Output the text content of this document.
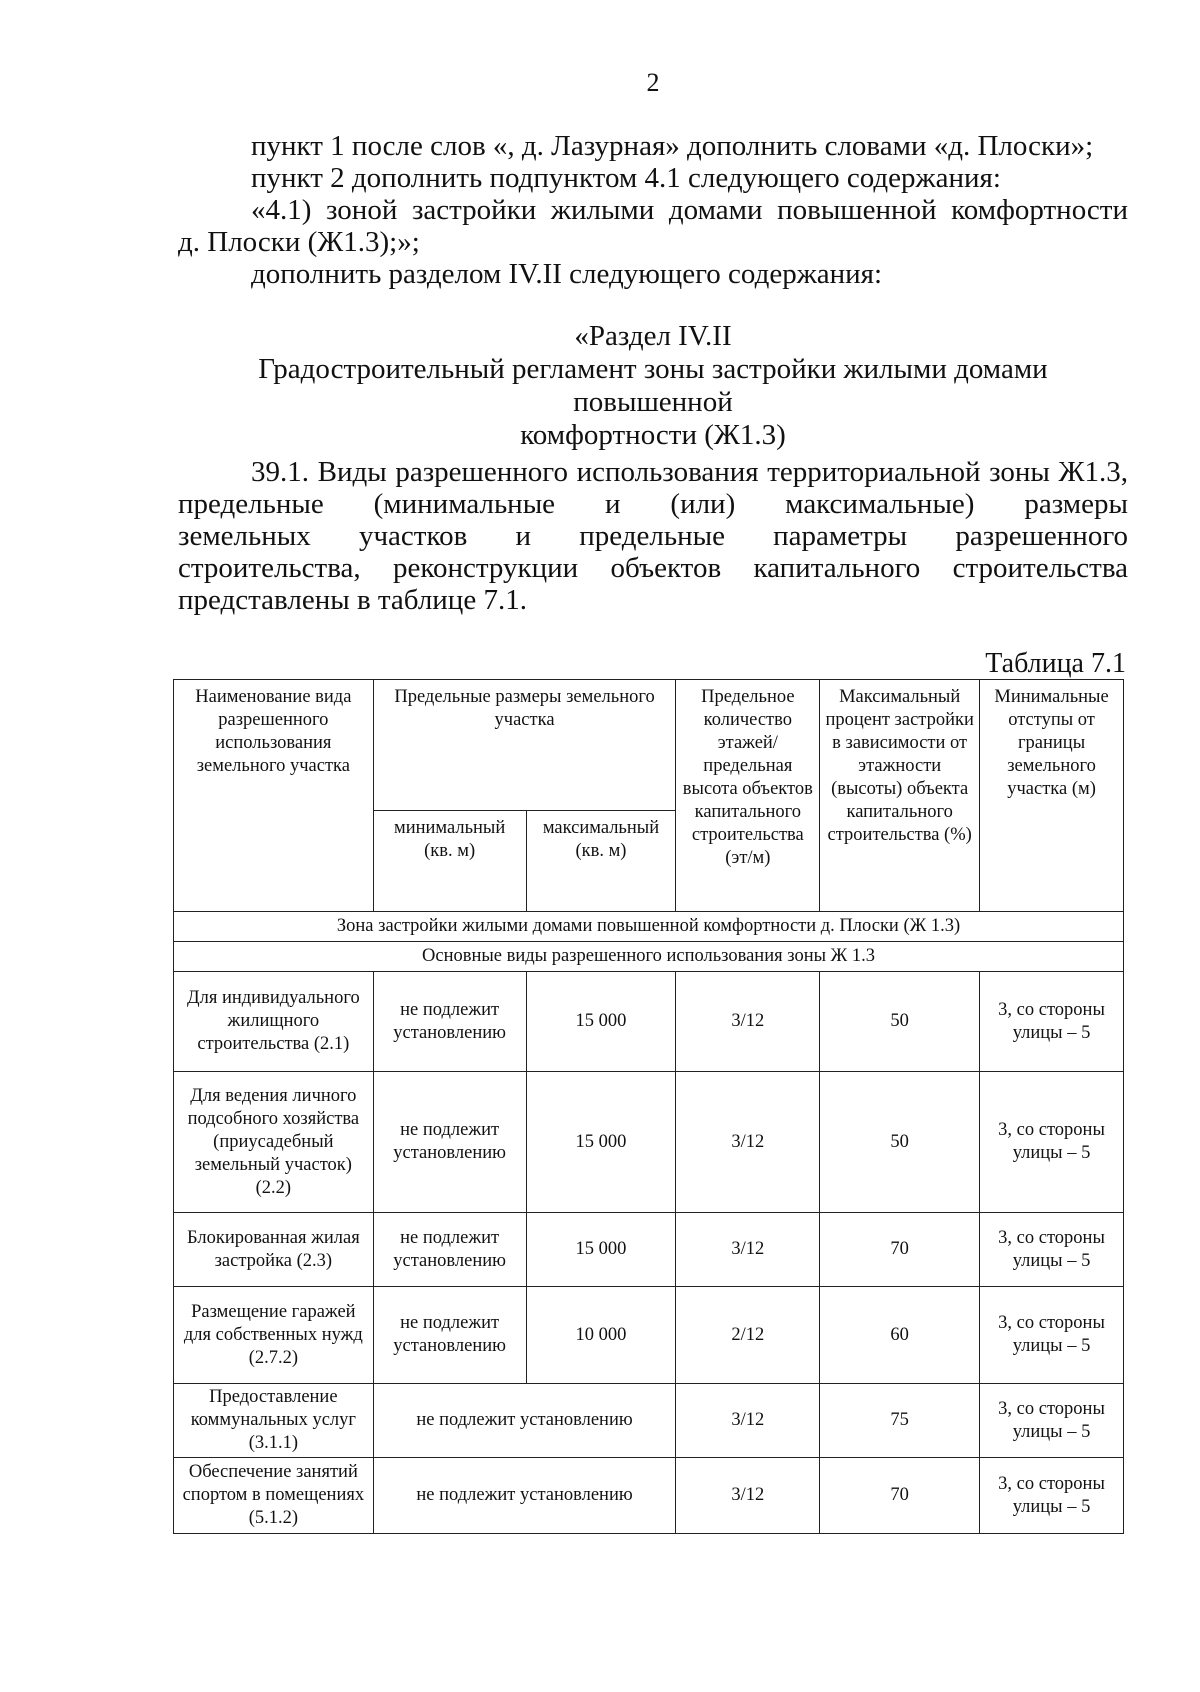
2

пункт 1 после слов «, д. Лазурная» дополнить словами «д. Плоски»;

пункт 2 дополнить подпунктом 4.1 следующего содержания:

«4.1) зоной застройки жилыми домами повышенной комфортности

д. Плоски (Ж1.3);»;

дополнить разделом IV.II следующего содержания:

«Раздел IV.II
Градостроительный регламент зоны застройки жилыми домами повышенной
комфортности (Ж1.3)

39.1. Виды разрешенного использования территориальной зоны Ж1.3,

предельные (минимальные и (или) максимальные) размеры

земельных участков и предельные параметры разрешенного

строительства, реконструкции объектов капитального строительства

представлены в таблице 7.1.

Таблица 7.1
Наименование вида разрешенного использования земельного участка	Предельные размеры земельного участка		Предельное количество этажей/ предельная высота объектов капитального строительства (эт/м)	Максимальный процент застройки в зависимости от этажности (высоты) объекта капитального строительства (%)	Минимальные отступы от границы земельного участка (м)
	минимальный (кв. м)	максимальный (кв. м)			
Зона застройки жилыми домами повышенной комфортности д. Плоски (Ж 1.3)					
Основные виды разрешенного использования зоны Ж 1.3					
Для индивидуального жилищного строительства (2.1)	не подлежит установлению	15 000	3/12	50	3, со стороны улицы – 5
Для ведения личного подсобного хозяйства (приусадебный земельный участок) (2.2)	не подлежит установлению	15 000	3/12	50	3, со стороны улицы – 5
Блокированная жилая застройка (2.3)	не подлежит установлению	15 000	3/12	70	3, со стороны улицы – 5
Размещение гаражей для собственных нужд (2.7.2)	не подлежит установлению	10 000	2/12	60	3, со стороны улицы – 5
Предоставление коммунальных услуг (3.1.1)	не подлежит установлению		3/12	75	3, со стороны улицы – 5
Обеспечение занятий спортом в помещениях (5.1.2)	не подлежит установлению		3/12	70	3, со стороны улицы – 5
